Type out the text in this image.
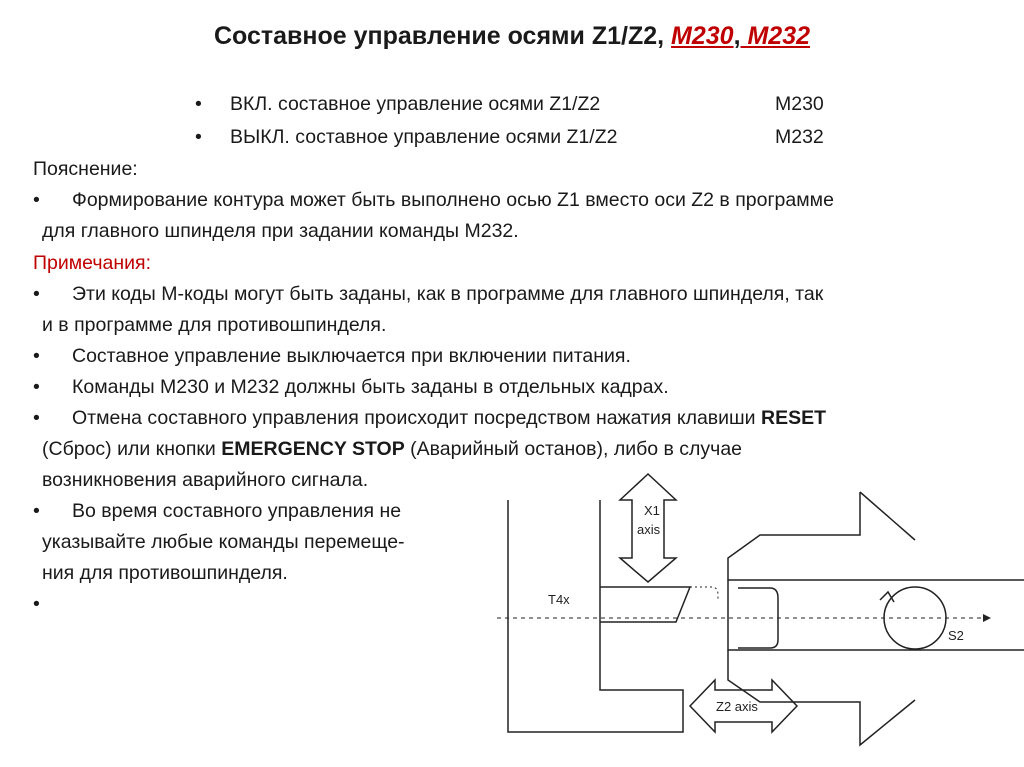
Составное управление осями Z1/Z2, M230, M232
• ВКЛ. составное управление осями Z1/Z2	M230
• ВЫКЛ. составное управление осями Z1/Z2	M232
Пояснение:
• Формирование контура может быть выполнено осью Z1 вместо оси Z2 в программе
для главного шпинделя при задании команды M232.
Примечания:
• Эти коды M-коды могут быть заданы, как в программе для главного шпинделя, так
и в программе для противошпинделя.
• Составное управление выключается при включении питания.
• Команды M230 и M232 должны быть заданы в отдельных кадрах.
• Отмена составного управления происходит посредством нажатия клавиши RESET
(Сброс) или кнопки EMERGENCY STOP (Аварийный останов), либо в случае
возникновения аварийного сигнала.
• Во время составного управления не
указывайте любые команды перемеще-
ния для противошпинделя.
•	T4x
X1
axis
S2
Z2 axis
